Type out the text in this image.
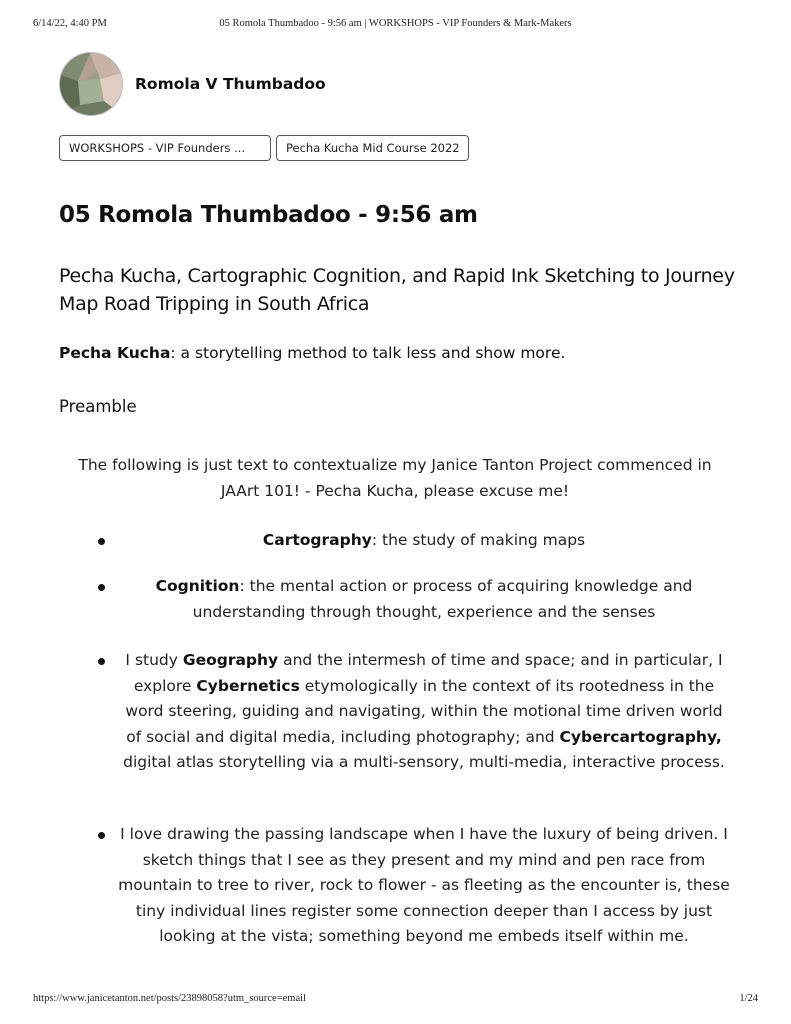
6/14/22, 4:40 PM	05 Romola Thumbadoo - 9:56 am | WORKSHOPS - VIP Founders & Mark-Makers
Romola V Thumbadoo
WORKSHOPS - VIP Founders ...	Pecha Kucha Mid Course 2022
05 Romola Thumbadoo - 9:56 am
Pecha Kucha, Cartographic Cognition, and Rapid Ink Sketching to Journey Map Road Tripping in South Africa

Pecha Kucha: a storytelling method to talk less and show more.

Preamble

The following is just text to contextualize my Janice Tanton Project commenced in JAArt 101! - Pecha Kucha, please excuse me!

Cartography: the study of making maps

Cognition: the mental action or process of acquiring knowledge and understanding through thought, experience and the senses

I study Geography and the intermesh of time and space; and in particular, I explore Cybernetics etymologically in the context of its rootedness in the word steering, guiding and navigating, within the motional time driven world of social and digital media, including photography; and Cybercartography, digital atlas storytelling via a multi-sensory, multi-media, interactive process.

I love drawing the passing landscape when I have the luxury of being driven. I sketch things that I see as they present and my mind and pen race from mountain to tree to river, rock to flower - as fleeting as the encounter is, these tiny individual lines register some connection deeper than I access by just looking at the vista; something beyond me embeds itself within me.

https://www.janicetanton.net/posts/23898058?utm_source=email	1/24
